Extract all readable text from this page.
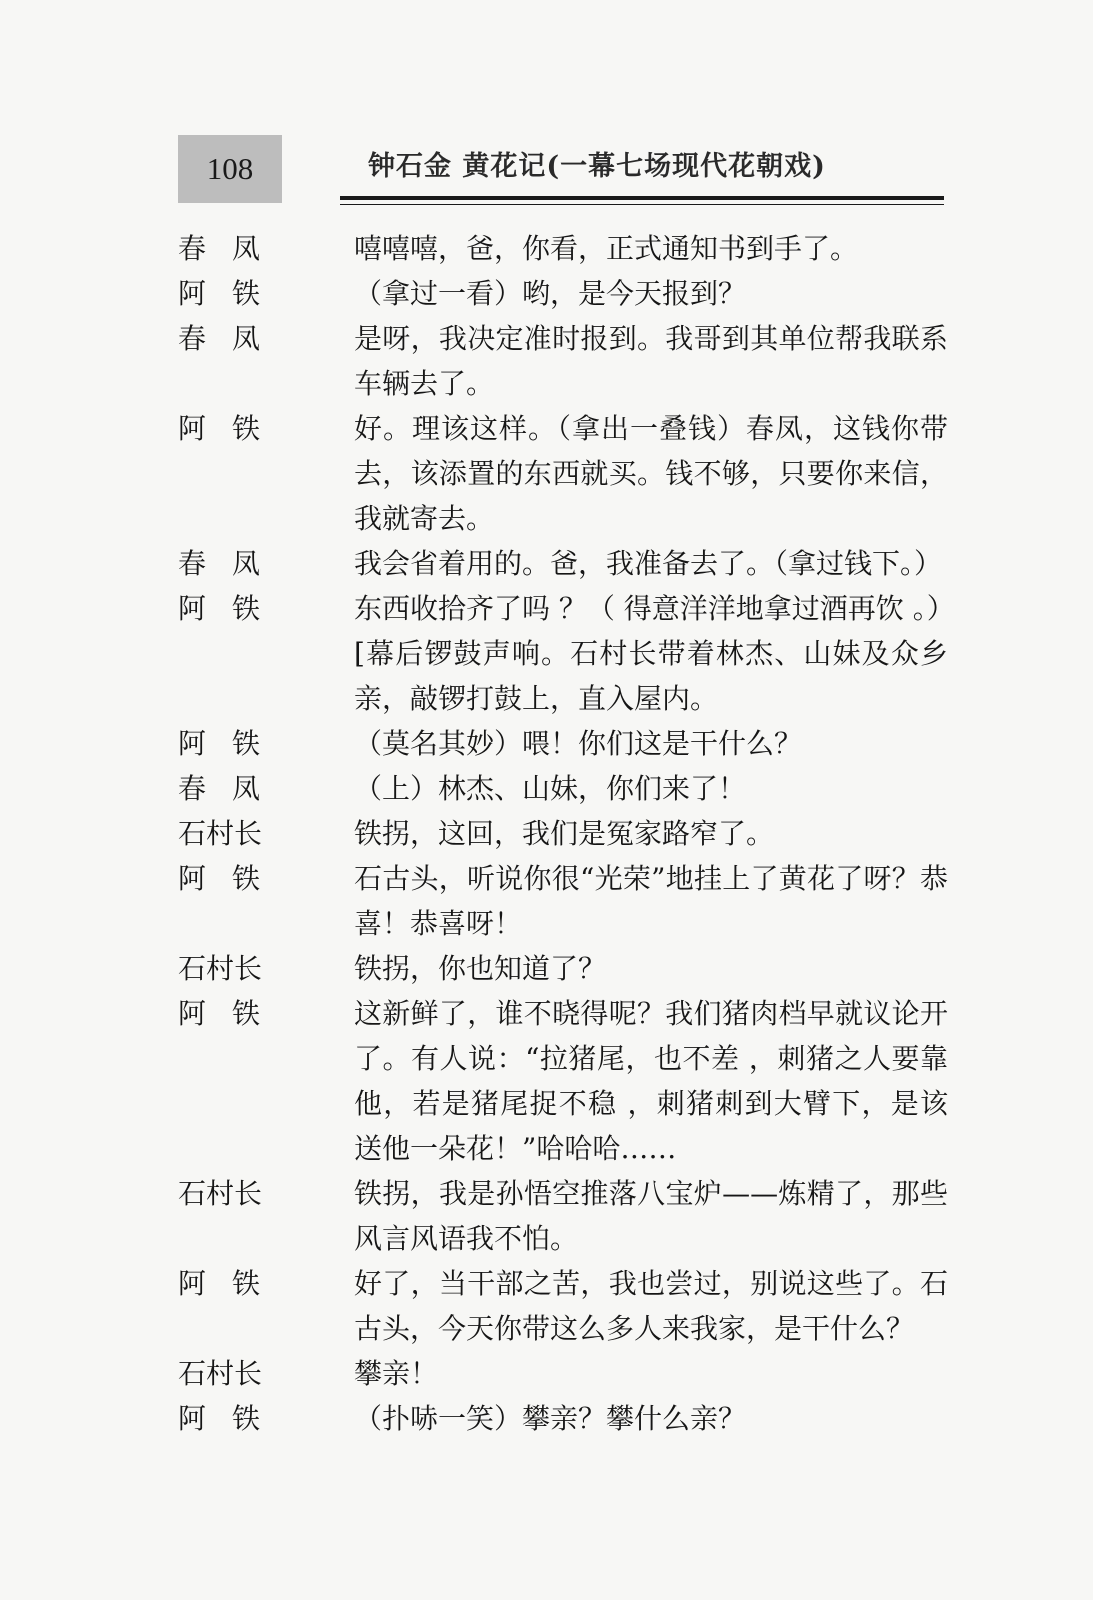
108	钟石金 黄花记(一幕七场现代花朝戏)
春凤	嘻嘻嘻，爸，你看，正式通知书到手了。
阿铁	（拿过一看）哟，是今天报到？
春凤	是呀，我决定准时报到。我哥到其单位帮我联系车辆去了。
阿铁	好。理该这样。（拿出一叠钱）春凤，这钱你带去，该添置的东西就买。钱不够，只要你来信，我就寄去。
春凤	我会省着用的。爸，我准备去了。（拿过钱下。）
阿铁	东西收拾齐了吗 ？（ 得意洋洋地拿过酒再饮 。）
[幕后锣鼓声响。石村长带着林杰、山妹及众乡亲，敲锣打鼓上，直入屋内。
阿铁	（莫名其妙）喂！你们这是干什么？
春凤	（上）林杰、山妹，你们来了！
石村长	铁拐，这回，我们是冤家路窄了。
阿铁	石古头，听说你很“光荣”地挂上了黄花了呀？恭喜！恭喜呀！
石村长	铁拐，你也知道了？
阿铁	这新鲜了，谁不晓得呢？我们猪肉档早就议论开了。有人说：“拉猪尾，也不差 ，刺猪之人要靠他，若是猪尾捉不稳 ，刺猪刺到大臂下，是该送他一朵花！”哈哈哈……
石村长	铁拐，我是孙悟空推落八宝炉——炼精了，那些风言风语我不怕。
阿铁	好了，当干部之苦，我也尝过，别说这些了。石古头，今天你带这么多人来我家，是干什么？
石村长	攀亲！
阿铁	（扑哧一笑）攀亲？攀什么亲？
